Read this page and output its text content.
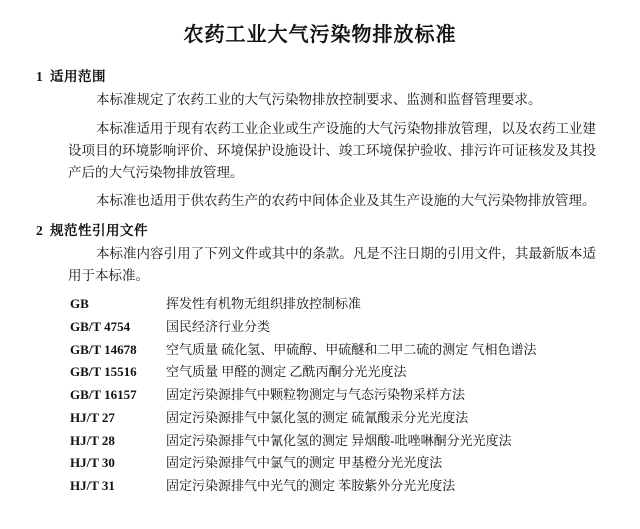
农药工业大气污染物排放标准
1 适用范围

本标准规定了农药工业的大气污染物排放控制要求、监测和监督管理要求。

本标准适用于现有农药工业企业或生产设施的大气污染物排放管理，以及农药工业建设项目的环境影响评价、环境保护设施设计、竣工环境保护验收、排污许可证核发及其投产后的大气污染物排放管理。

本标准也适用于供农药生产的农药中间体企业及其生产设施的大气污染物排放管理。

2 规范性引用文件

本标准内容引用了下列文件或其中的条款。凡是不注日期的引用文件，其最新版本适用于本标准。

GB	挥发性有机物无组织排放控制标准
GB/T 4754	国民经济行业分类
GB/T 14678	空气质量 硫化氢、甲硫醇、甲硫醚和二甲二硫的测定 气相色谱法
GB/T 15516	空气质量 甲醛的测定 乙酰丙酮分光光度法
GB/T 16157	固定污染源排气中颗粒物测定与气态污染物采样方法
HJ/T 27	固定污染源排气中氯化氢的测定 硫氰酸汞分光光度法
HJ/T 28	固定污染源排气中氰化氢的测定 异烟酸-吡唑啉酮分光光度法
HJ/T 30	固定污染源排气中氯气的测定 甲基橙分光光度法
HJ/T 31	固定污染源排气中光气的测定 苯胺紫外分光光度法
